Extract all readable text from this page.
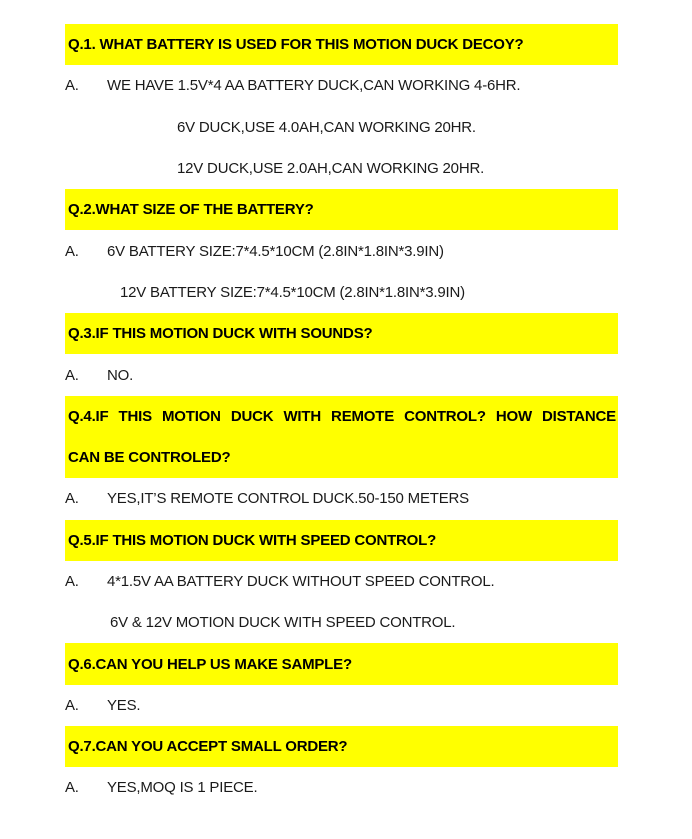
Q.1. WHAT BATTERY IS USED FOR THIS MOTION DUCK DECOY?
A.	WE HAVE 1.5V*4 AA BATTERY DUCK,CAN WORKING 4-6HR.
6V DUCK,USE 4.0AH,CAN WORKING 20HR.
12V DUCK,USE 2.0AH,CAN WORKING 20HR.
Q.2.WHAT SIZE OF THE BATTERY?
A.	6V BATTERY SIZE:7*4.5*10CM (2.8IN*1.8IN*3.9IN)
12V BATTERY SIZE:7*4.5*10CM (2.8IN*1.8IN*3.9IN)
Q.3.IF THIS MOTION DUCK WITH SOUNDS?
A.	NO.
Q.4.IF THIS MOTION DUCK WITH REMOTE CONTROL? HOW DISTANCE
CAN BE CONTROLED?
A.	YES,IT’S REMOTE CONTROL DUCK.50-150 METERS
Q.5.IF THIS MOTION DUCK WITH SPEED CONTROL?
A.	4*1.5V AA BATTERY DUCK WITHOUT SPEED CONTROL.
6V & 12V MOTION DUCK WITH SPEED CONTROL.
Q.6.CAN YOU HELP US MAKE SAMPLE?
A.	YES.
Q.7.CAN YOU ACCEPT SMALL ORDER?
A.	YES,MOQ IS 1 PIECE.
